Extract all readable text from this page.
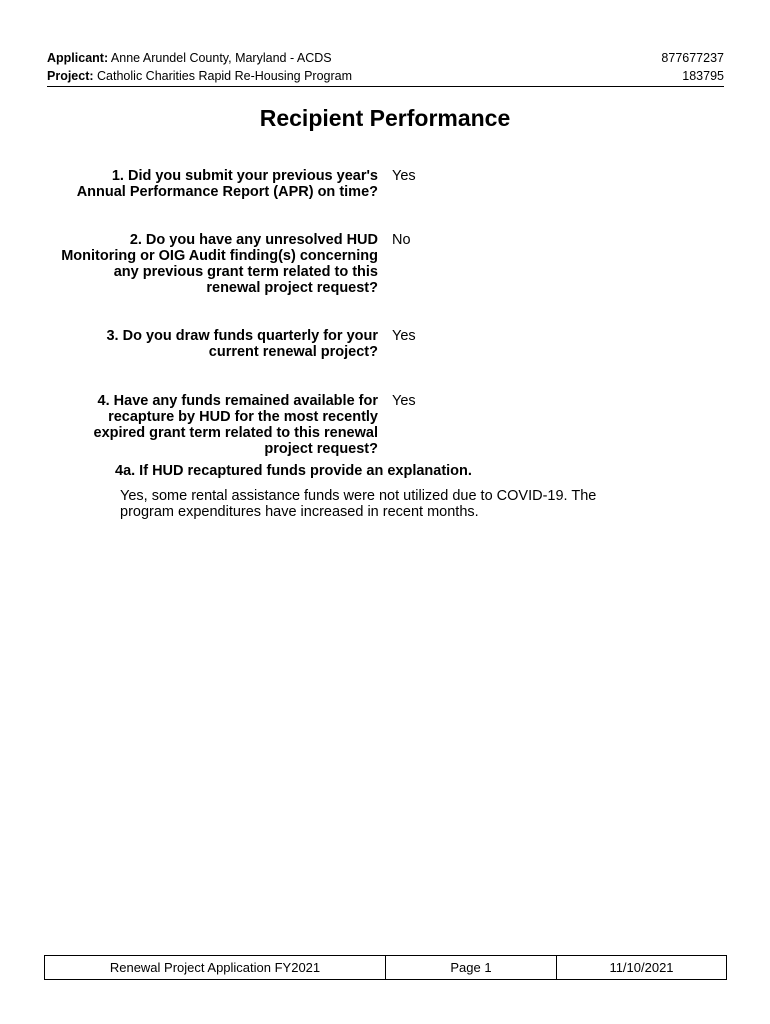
Applicant: Anne Arundel County, Maryland - ACDS	877677237
Project: Catholic Charities Rapid Re-Housing Program	183795
Recipient Performance
1. Did you submit your previous year's
Annual Performance Report (APR) on time?
Yes
2. Do you have any unresolved HUD
Monitoring or OIG Audit finding(s) concerning
any previous grant term related to this
renewal project request?
No
3. Do you draw funds quarterly for your
current renewal project?
Yes
4. Have any funds remained available for
recapture by HUD for the most recently
expired grant term related to this renewal
project request?
Yes
4a. If HUD recaptured funds provide an explanation.
Yes, some rental assistance funds were not utilized due to COVID-19. The
program expenditures have increased in recent months.
Renewal Project Application FY2021	Page 1	11/10/2021
